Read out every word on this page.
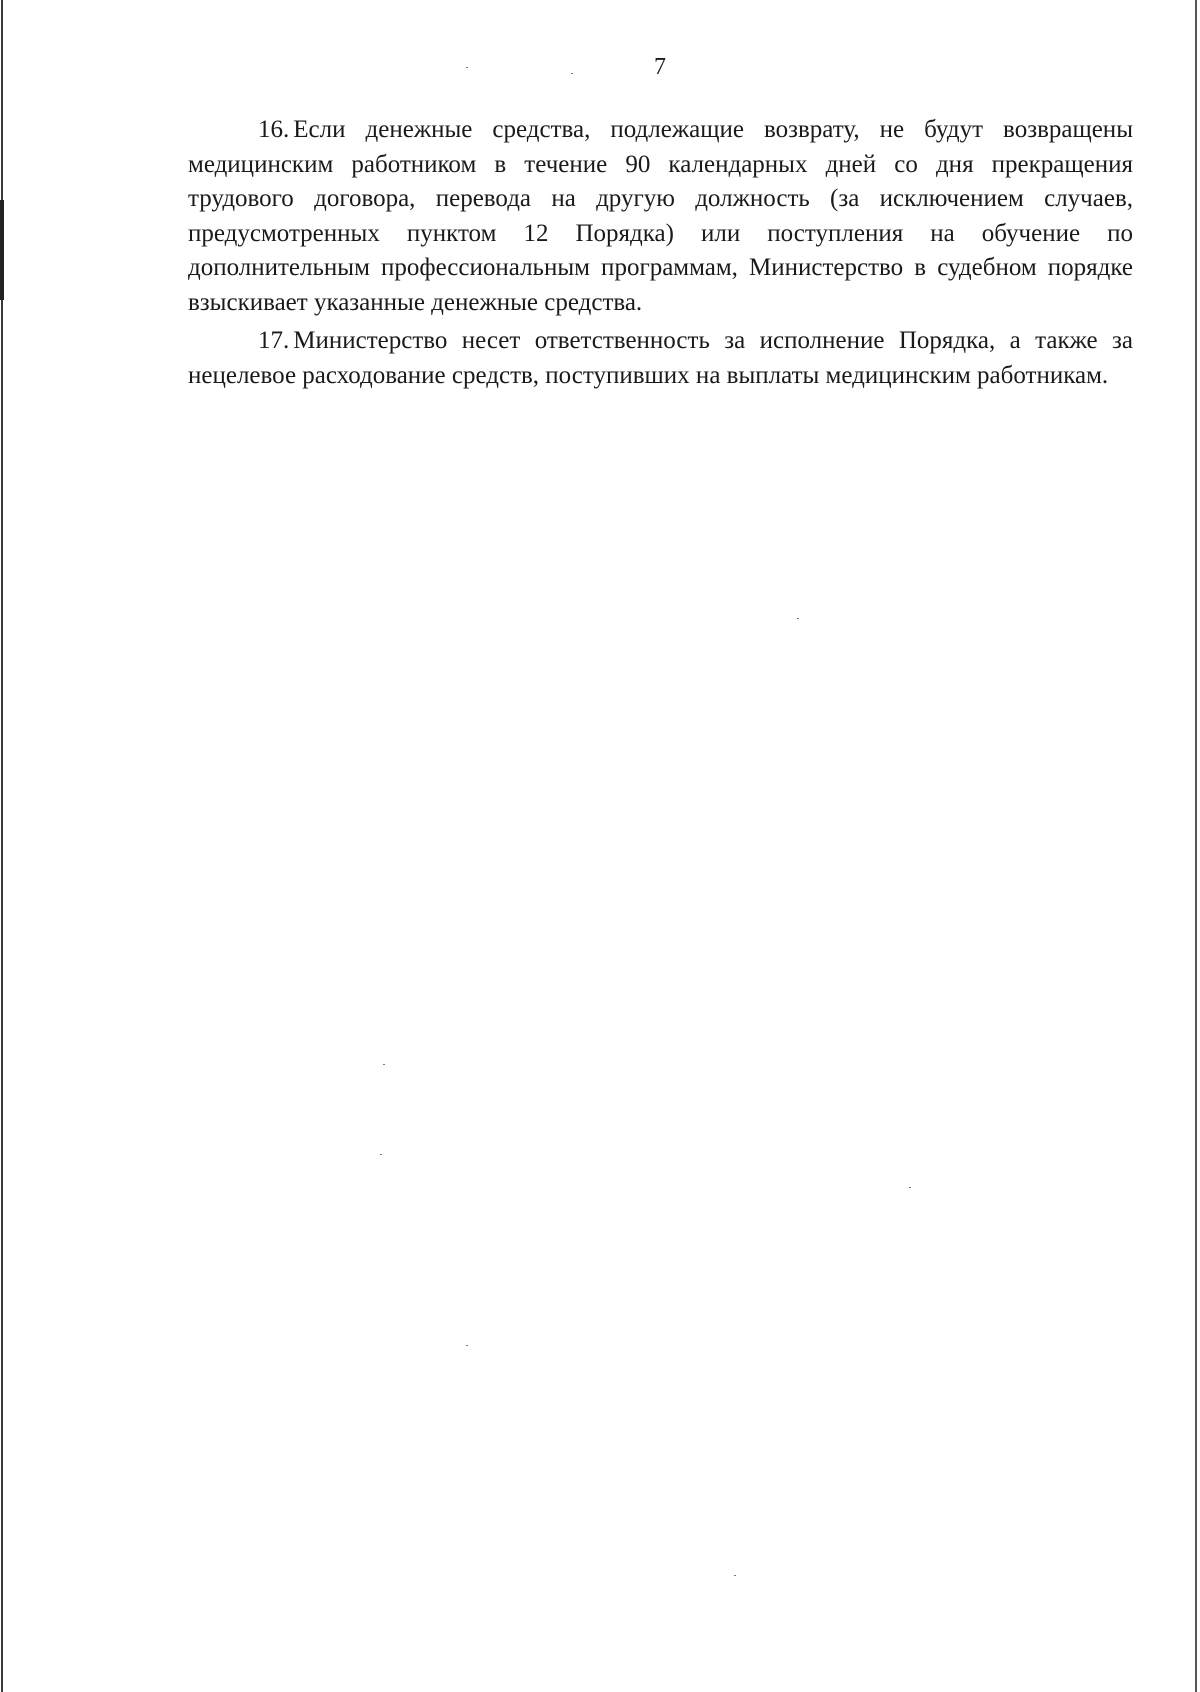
7

16. Если денежные средства, подлежащие возврату, не будут возвращены медицинским работником в течение 90 календарных дней со дня прекращения трудового договора, перевода на другую должность (за исключением случаев, предусмотренных пунктом 12 Порядка) или поступления на обучение по дополнительным профессиональным программам, Министерство в судебном порядке взыскивает указанные денежные средства.

17. Министерство несет ответственность за исполнение Порядка, а также за нецелевое расходование средств, поступивших на выплаты медицинским работникам.
